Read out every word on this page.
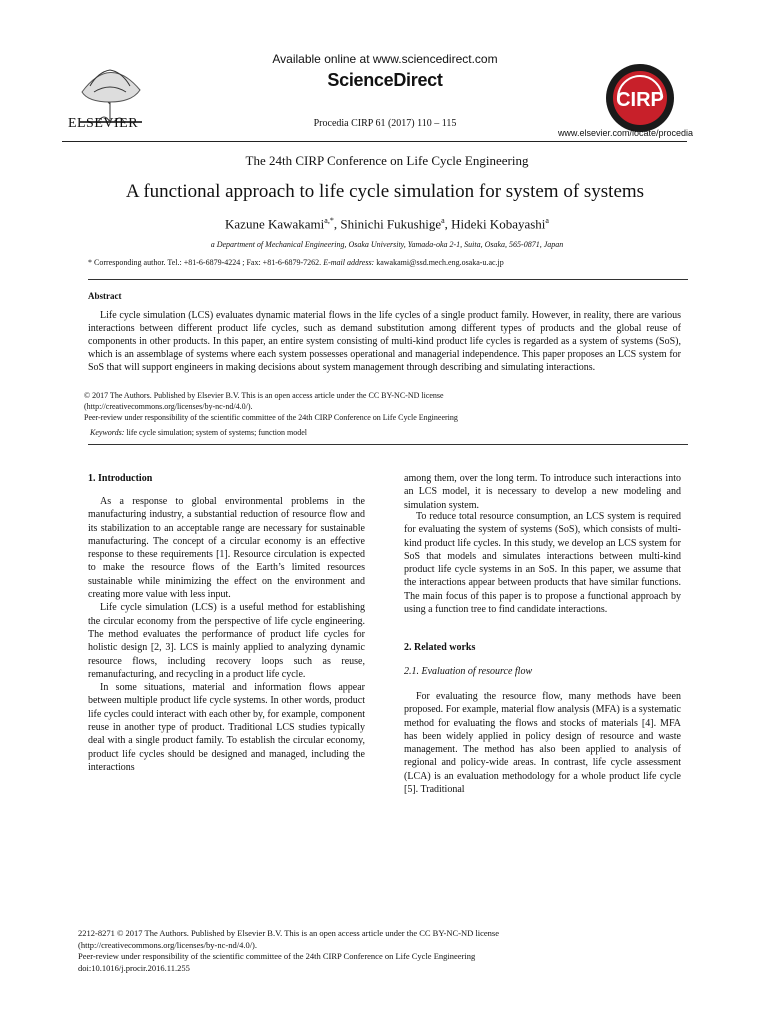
ELSEVIER
Available online at www.sciencedirect.com
ScienceDirect
Procedia CIRP 61 (2017) 110 – 115
CIRP
www.elsevier.com/locate/procedia
The 24th CIRP Conference on Life Cycle Engineering
A functional approach to life cycle simulation for system of systems
Kazune Kawakami$^{a,*}$, Shinichi Fukushige$^a$, Hideki Kobayashi$^a$
a Department of Mechanical Engineering, Osaka University, Yamada-oka 2-1, Suita, Osaka, 565-0871, Japan
* Corresponding author. Tel.: +81-6-6879-4224 ; Fax: +81-6-6879-7262. E-mail address: kawakami@ssd.mech.eng.osaka-u.ac.jp
Abstract
Life cycle simulation (LCS) evaluates dynamic material flows in the life cycles of a single product family. However, in reality, there are various interactions between different product life cycles, such as demand substitution among different types of products and the global reuse of components in other products. In this paper, an entire system consisting of multi-kind product life cycles is regarded as a system of systems (SoS), which is an assemblage of systems where each system possesses operational and managerial independence. This paper proposes an LCS system for SoS that will support engineers in making decisions about system management through describing and simulating interactions.
© 2017 The Authors. Published by Elsevier B.V. This is an open access article under the CC BY-NC-ND license
(http://creativecommons.org/licenses/by-nc-nd/4.0/).
Peer-review under responsibility of the scientific committee of the 24th CIRP Conference on Life Cycle Engineering
Keywords: life cycle simulation; system of systems; function model
1. Introduction

As a response to global environmental problems in the manufacturing industry, a substantial reduction of resource flow and its stabilization to an acceptable range are necessary for sustainable manufacturing. The concept of a circular economy is an effective response to these requirements [1]. Resource circulation is expected to make the resource flows of the Earth’s limited resources sustainable while minimizing the effect on the environment and creating more value with less input.

Life cycle simulation (LCS) is a useful method for establishing the circular economy from the perspective of life cycle engineering. The method evaluates the performance of product life cycles for holistic design [2, 3]. LCS is mainly applied to analyzing dynamic resource flows, including recovery loops such as reuse, remanufacturing, and recycling in a product life cycle.

In some situations, material and information flows appear between multiple product life cycle systems. In other words, product life cycles could interact with each other by, for example, component reuse in another type of product. Traditional LCS studies typically deal with a single product family. To establish the circular economy, product life cycles should be designed and managed, including the interactions

among them, over the long term. To introduce such interactions into an LCS model, it is necessary to develop a new modeling and simulation system.

To reduce total resource consumption, an LCS system is required for evaluating the system of systems (SoS), which consists of multi-kind product life cycles. In this study, we develop an LCS system for SoS that models and simulates interactions between multi-kind product life cycle systems in an SoS. In this paper, we assume that the interactions appear between products that have similar functions. The main focus of this paper is to propose a functional approach by using a function tree to find candidate interactions.

2. Related works
2.1. Evaluation of resource flow

For evaluating the resource flow, many methods have been proposed. For example, material flow analysis (MFA) is a systematic method for evaluating the flows and stocks of materials [4]. MFA has been widely applied in policy design of resource and waste management. The method has also been applied to analysis of regional and policy-wide areas. In contrast, life cycle assessment (LCA) is an evaluation methodology for a whole product life cycle [5]. Traditional

2212-8271 © 2017 The Authors. Published by Elsevier B.V. This is an open access article under the CC BY-NC-ND license
(http://creativecommons.org/licenses/by-nc-nd/4.0/).
Peer-review under responsibility of the scientific committee of the 24th CIRP Conference on Life Cycle Engineering
doi:10.1016/j.procir.2016.11.255
